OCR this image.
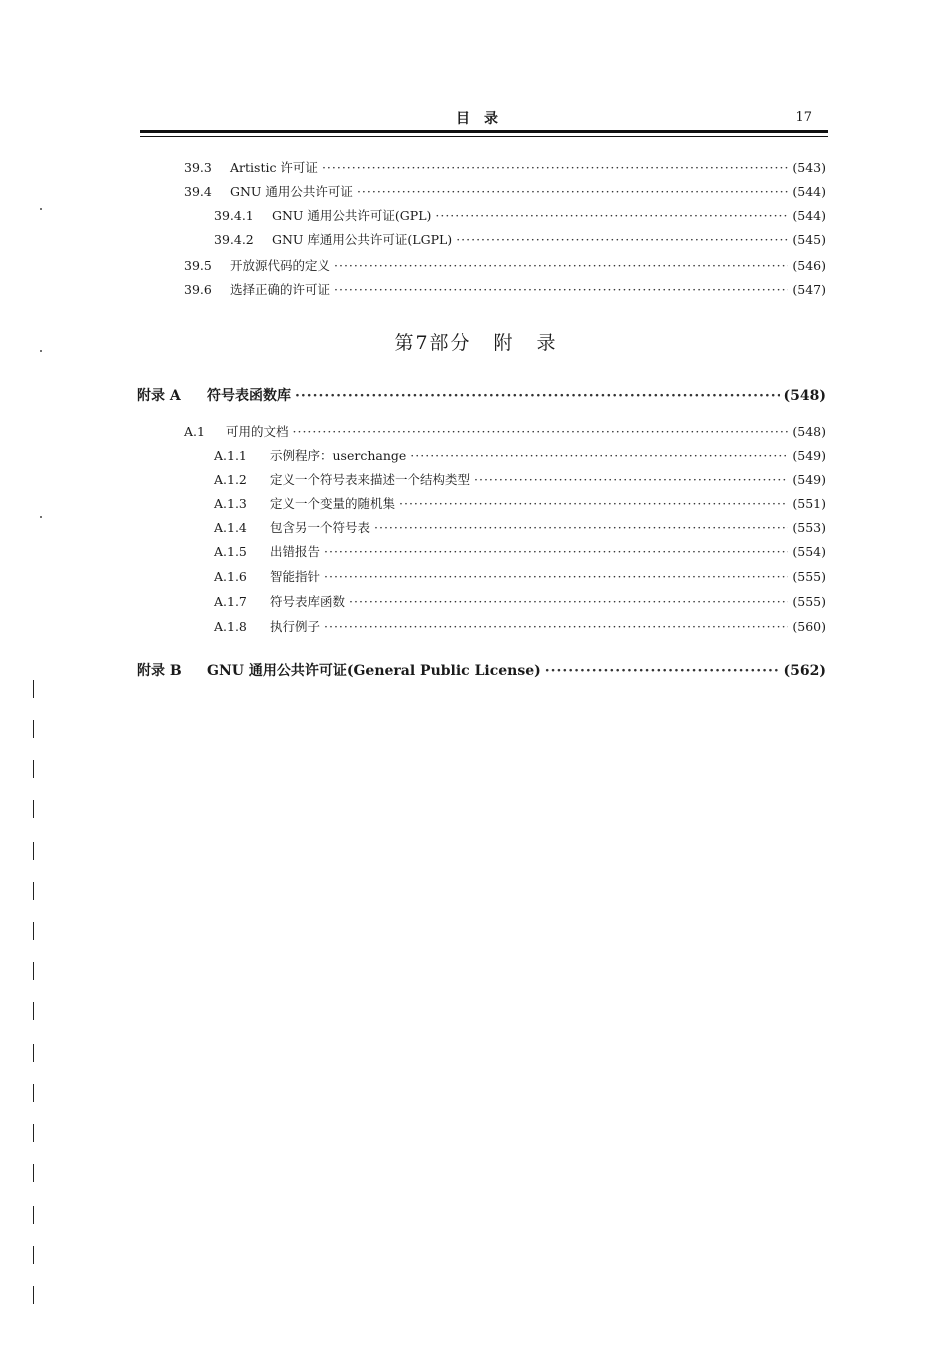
目录	17
39.3	Artistic 许可证 ·····	(543)
39.4	GNU 通用公共许可证 ·····	(544)
39.4.1	GNU 通用公共许可证(GPL) ·····	(544)
39.4.2	GNU 库通用公共许可证(LGPL) ·····	(545)
39.5	开放源代码的定义 ·····	(546)
39.6	选择正确的许可证 ·····	(547)
第7部分 附 录
附录 A	符号表函数库 ·····	(548)
A.1	可用的文档 ·····	(548)
A.1.1	示例程序：userchange ·····	(549)
A.1.2	定义一个符号表来描述一个结构类型 ·····	(549)
A.1.3	定义一个变量的随机集 ·····	(551)
A.1.4	包含另一个符号表 ·····	(553)
A.1.5	出错报告 ·····	(554)
A.1.6	智能指针 ·····	(555)
A.1.7	符号表库函数 ·····	(555)
A.1.8	执行例子 ·····	(560)
附录 B	GNU 通用公共许可证(General Public License) ·····	(562)
